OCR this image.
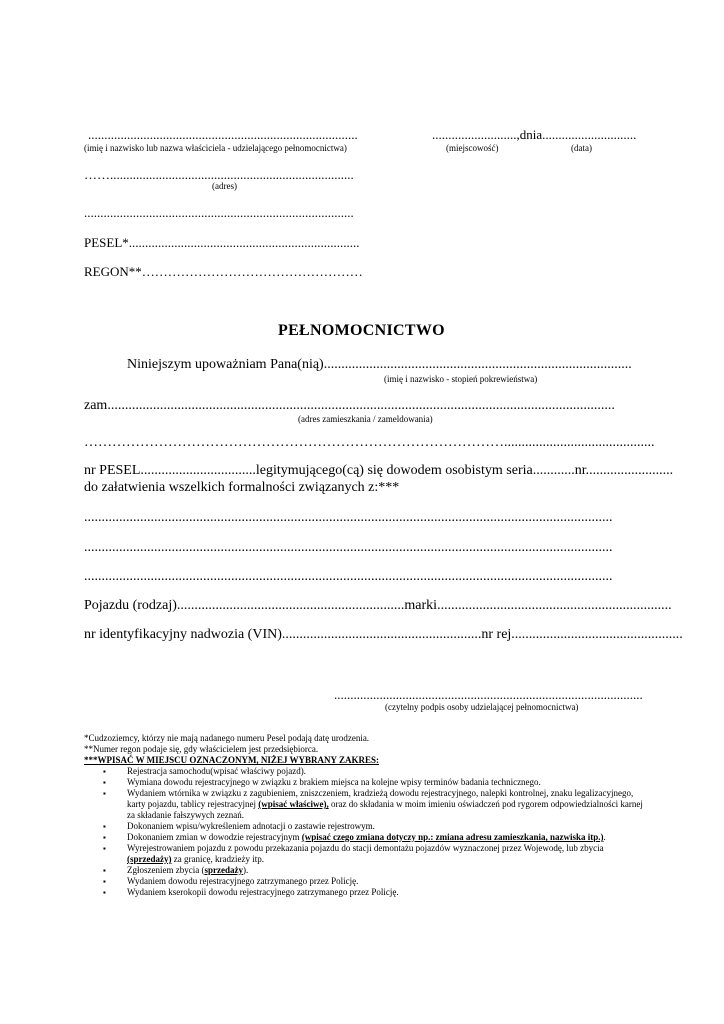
...................................................................................
(imię i nazwisko lub nazwa właściciela - udzielającego pełnomocnictwa)
..........................,dnia.............................
(miejscowość)	(data)
……...........................................................................
(adres)
...................................................................................
PESEL*.......................................................................
REGON**……………………………………………
PEŁNOMOCNICTWO
Niniejszym upoważniam Pana(nią)........................................................................................
(imię i nazwisko - stopień pokrewieństwa)
zam.................................................................................................................................................
(adres zamieszkania / zameldowania)
………………………………………………………………………………...........................................
nr PESEL.................................legitymującego(cą) się dowodem osobistym seria............nr.........................
do załatwienia wszelkich formalności związanych z:***
.......................................................................................................................................................
.......................................................................................................................................................
.......................................................................................................................................................
Pojazdu (rodzaj).................................................................marki...................................................................
nr identyfikacyjny nadwozia (VIN).........................................................nr rej.................................................
...............................................................................................
(czytelny podpis osoby udzielającej pełnomocnictwa)
*Cudzoziemcy, którzy nie mają nadanego numeru Pesel podają datę urodzenia.
**Numer regon podaje się, gdy właścicielem jest przedsiębiorca.
***WPISAĆ W MIEJSCU OZNACZONYM, NIŻEJ WYBRANY ZAKRES:
▪ Rejestracja samochodu(wpisać właściwy pojazd).
▪ Wymiana dowodu rejestracyjnego w związku z brakiem miejsca na kolejne wpisy terminów badania technicznego.
▪ Wydaniem wtórnika w związku z zagubieniem, zniszczeniem, kradzieżą dowodu rejestracyjnego, nalepki kontrolnej, znaku legalizacyjnego, karty pojazdu, tablicy rejestracyjnej (wpisać właściwe), oraz do składania w moim imieniu oświadczeń pod rygorem odpowiedzialności karnej za składanie fałszywych zeznań.
▪ Dokonaniem wpisu/wykreśleniem adnotacji o zastawie rejestrowym.
▪ Dokonaniem zmian w dowodzie rejestracyjnym (wpisać czego zmiana dotyczy np.: zmiana adresu zamieszkania, nazwiska itp.).
▪ Wyrejestrowaniem pojazdu z powodu przekazania pojazdu do stacji demontażu pojazdów wyznaczonej przez Wojewodę, lub zbycia (sprzedaży) za granicę, kradzieży itp.
▪ Zgłoszeniem zbycia (sprzedaży).
▪ Wydaniem dowodu rejestracyjnego zatrzymanego przez Policję.
▪ Wydaniem kserokopii dowodu rejestracyjnego zatrzymanego przez Policję.
